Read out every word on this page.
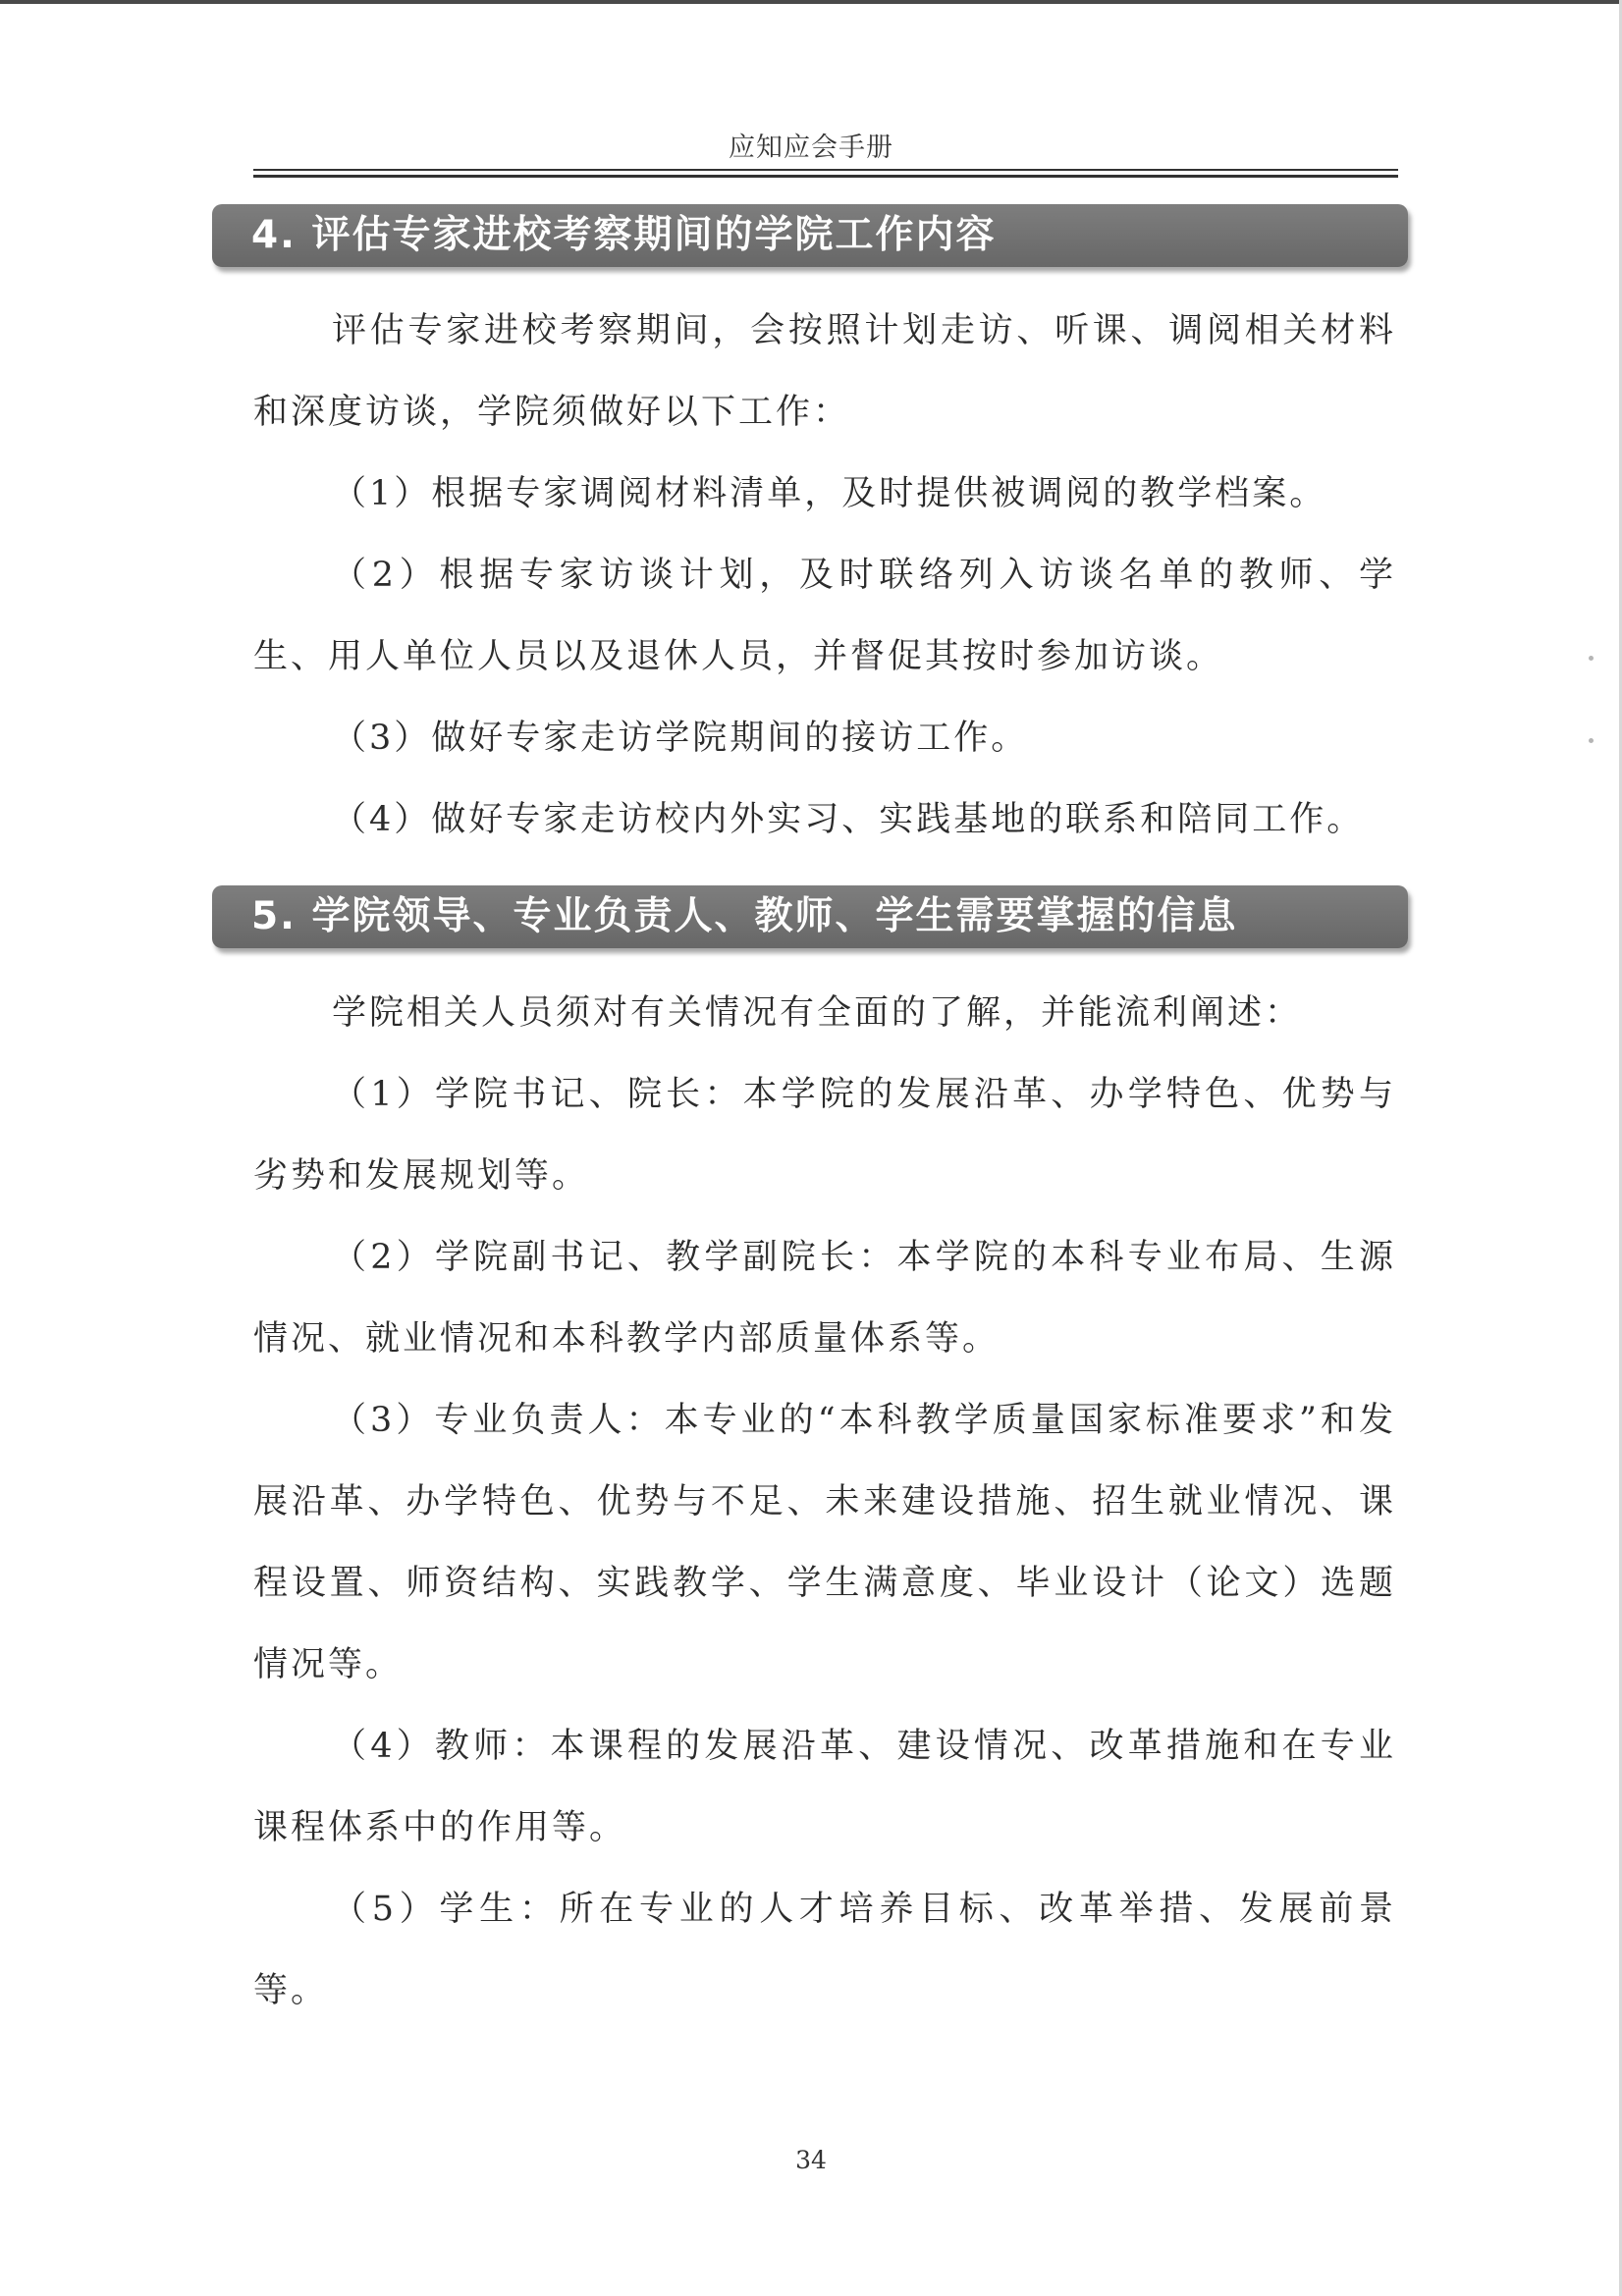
应知应会手册
4. 评估专家进校考察期间的学院工作内容

评估专家进校考察期间，会按照计划走访、听课、调阅相关材料和深度访谈，学院须做好以下工作：

（1）根据专家调阅材料清单，及时提供被调阅的教学档案。

（2）根据专家访谈计划，及时联络列入访谈名单的教师、学生、用人单位人员以及退休人员，并督促其按时参加访谈。

（3）做好专家走访学院期间的接访工作。

（4）做好专家走访校内外实习、实践基地的联系和陪同工作。

5. 学院领导、专业负责人、教师、学生需要掌握的信息

学院相关人员须对有关情况有全面的了解，并能流利阐述：

（1）学院书记、院长：本学院的发展沿革、办学特色、优势与劣势和发展规划等。

（2）学院副书记、教学副院长：本学院的本科专业布局、生源情况、就业情况和本科教学内部质量体系等。

（3）专业负责人：本专业的“本科教学质量国家标准要求”和发展沿革、办学特色、优势与不足、未来建设措施、招生就业情况、课程设置、师资结构、实践教学、学生满意度、毕业设计（论文）选题情况等。

（4）教师：本课程的发展沿革、建设情况、改革措施和在专业课程体系中的作用等。

（5）学生：所在专业的人才培养目标、改革举措、发展前景等。

34
